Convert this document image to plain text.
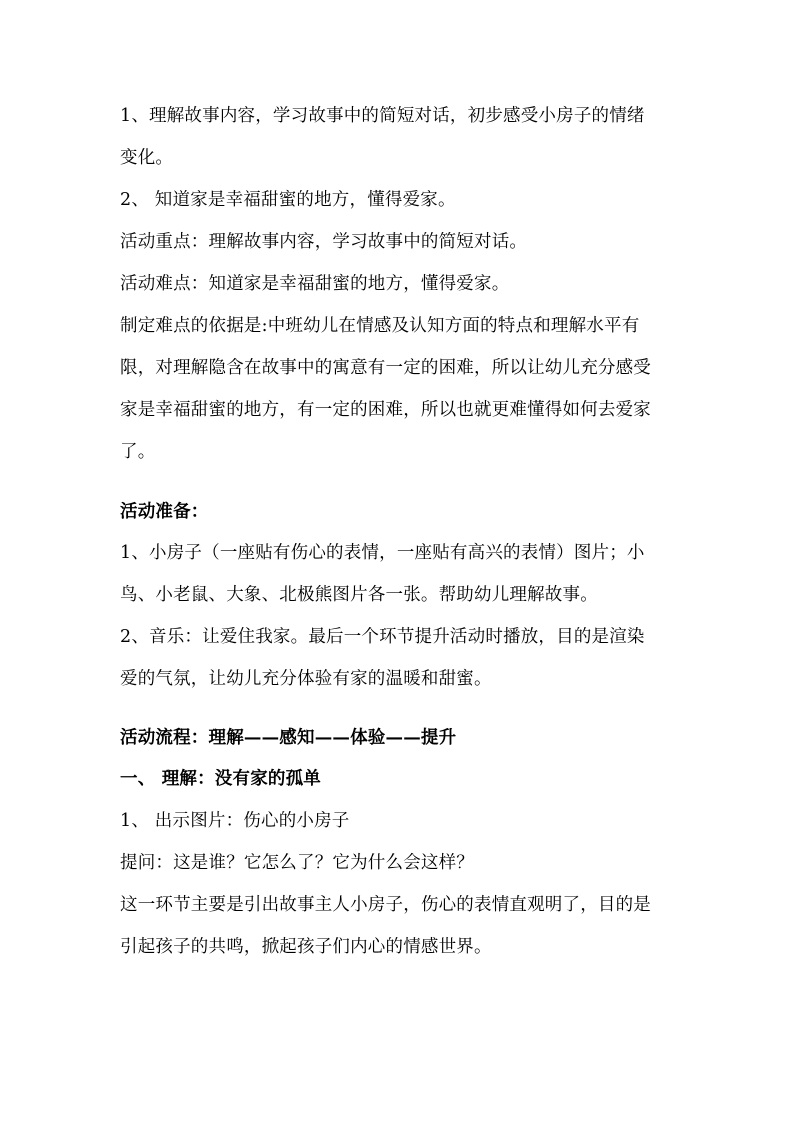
1、理解故事内容，学习故事中的简短对话，初步感受小房子的情绪
变化。
2、 知道家是幸福甜蜜的地方，懂得爱家。
活动重点：理解故事内容，学习故事中的简短对话。
活动难点：知道家是幸福甜蜜的地方，懂得爱家。
制定难点的依据是:中班幼儿在情感及认知方面的特点和理解水平有
限，对理解隐含在故事中的寓意有一定的困难，所以让幼儿充分感受
家是幸福甜蜜的地方，有一定的困难，所以也就更难懂得如何去爱家
了。
活动准备：
1、小房子（一座贴有伤心的表情，一座贴有高兴的表情）图片；小
鸟、小老鼠、大象、北极熊图片各一张。帮助幼儿理解故事。
2、音乐：让爱住我家。最后一个环节提升活动时播放，目的是渲染
爱的气氛，让幼儿充分体验有家的温暖和甜蜜。
活动流程：理解——感知——体验——提升
一、 理解：没有家的孤单
1、 出示图片：伤心的小房子
提问：这是谁？它怎么了？它为什么会这样？
这一环节主要是引出故事主人小房子，伤心的表情直观明了，目的是
引起孩子的共鸣，掀起孩子们内心的情感世界。
